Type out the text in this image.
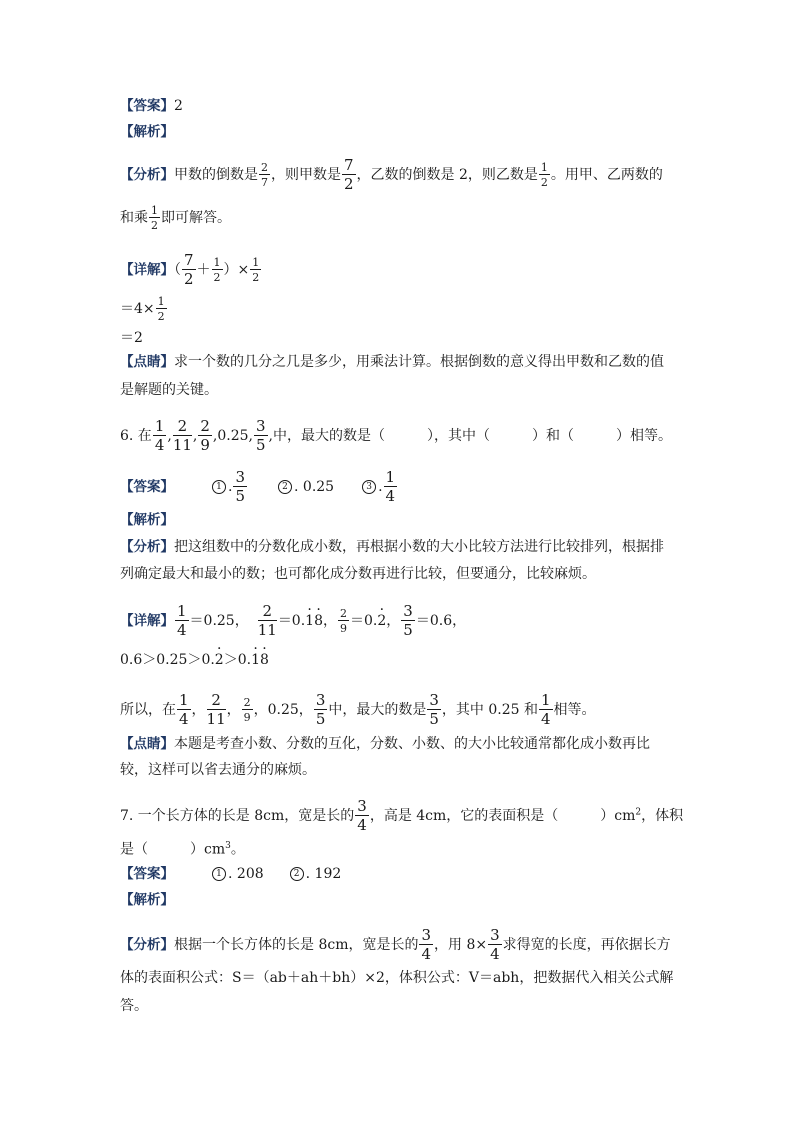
【答案】2
【解析】
【分析】甲数的倒数是 $\frac{2}{7}$ ，则甲数是 $\frac{7}{2}$ ，乙数的倒数是 2，则乙数是 $\frac{1}{2}$ 。用甲、乙两数的
和乘 $\frac{1}{2}$ 即可解答。
【详解】（ $\frac{7}{2} + \frac{1}{2}$ ）× $\frac{1}{2}$
$=4\times \frac{1}{2}$
＝2
【点睛】求一个数的几分之几是多少，用乘法计算。根据倒数的意义得出甲数和乙数的值
是解题的关键。
6. 在 $\frac{1}{4}$ , $\frac{2}{11}$ , $\frac{2}{9} ,0.25$, $\frac{3}{5}$ ,中，最大的数是（　　　），其中（　　　）和（　　　）相等。
【答案】	1 . $\frac{3}{5}$	2 . 0.25	3 . $\frac{1}{4}$
【解析】
【分析】把这组数中的分数化成小数，再根据小数的大小比较方法进行比较排列，根据排
列确定最大和最小的数；也可都化成分数再进行比较，但要通分，比较麻烦。
【详解】 $\frac{1}{4} =0.25$， $\frac{2}{11} =0.\cdot 1\cdot 8$， $\frac{2}{9} =0.\cdot 2$， $\frac{3}{5} =0.6$，
0.6＞0.25＞0.· 2＞0.· 1· 8
所以，在 $\frac{1}{4}$ ， $\frac{2}{11}$ ， $\frac{2}{9}$ ，0.25， $\frac{3}{5}$ 中，最大的数是 $\frac{3}{5}$ ，其中 0.25 和 $\frac{1}{4}$ 相等。
【点睛】本题是考查小数、分数的互化，分数、小数、的大小比较通常都化成小数再比
较，这样可以省去通分的麻烦。
7. 一个长方体的长是 8cm，宽是长的 $\frac{3}{4}$ ，高是 4cm，它的表面积是（　　　）$cm^2$，体积
是（　　　）$cm^3$。
【答案】	1 . 208	2 . 192
【解析】
【分析】根据一个长方体的长是 8cm，宽是长的 $\frac{3}{4}$ ，用 $8\times \frac{3}{4}$ 求得宽的长度，再依据长方
体的表面积公式：S＝（ab＋ah＋bh）×2，体积公式：V＝abh，把数据代入相关公式解
答。
